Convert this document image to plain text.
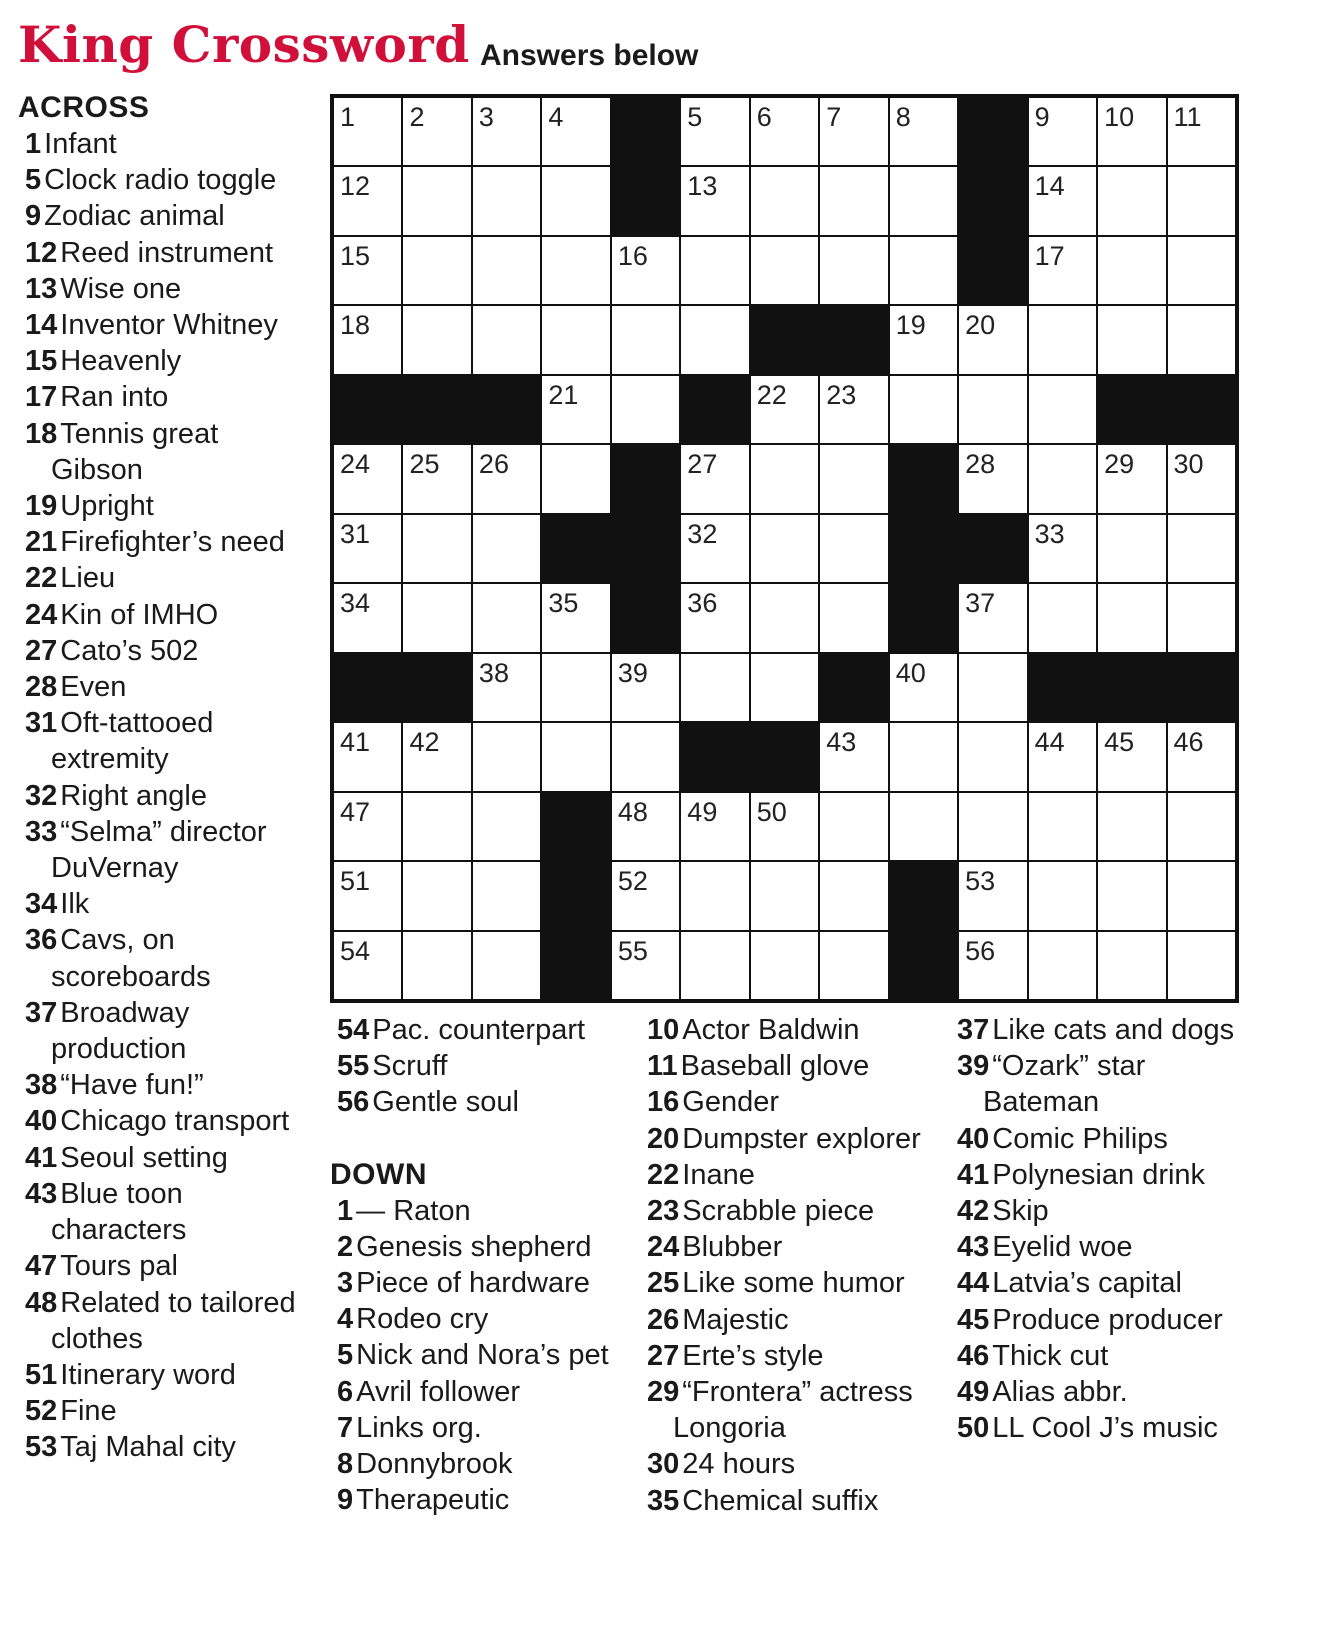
King Crossword Answers below
1 2 3 4	5 6 7 8	9 10 11
12	13	14
15	16	17
18	19 20
21	22 23
24 25 26	27	28	29 30
31	32	33
34	35	36	37
38	39	40
41 42	43	44 45 46
47	48 49 50
51	52	53
54	55	56
ACROSS
1 Infant
5 Clock radio toggle
9 Zodiac animal
12 Reed instrument
13 Wise one
14 Inventor Whitney
15 Heavenly
17 Ran into
18 Tennis great Gibson
19 Upright
21 Firefighter’s need
22 Lieu
24 Kin of IMHO
27 Cato’s 502
28 Even
31 Oft-tattooed extremity
32 Right angle
33 “Selma” director DuVernay
34 Ilk
36 Cavs, on scoreboards
37 Broadway production
38 “Have fun!”
40 Chicago transport
41 Seoul setting
43 Blue toon characters
47 Tours pal
48 Related to tailored clothes
51 Itinerary word
52 Fine
53 Taj Mahal city
54 Pac. counterpart
55 Scruff
56 Gentle soul
DOWN
1 — Raton
2 Genesis shepherd
3 Piece of hardware
4 Rodeo cry
5 Nick and Nora’s pet
6 Avril follower
7 Links org.
8 Donnybrook
9 Therapeutic
10 Actor Baldwin
11 Baseball glove
16 Gender
20 Dumpster explorer
22 Inane
23 Scrabble piece
24 Blubber
25 Like some humor
26 Majestic
27 Erte’s style
29 “Frontera” actress Longoria
30 24 hours
35 Chemical suffix
37 Like cats and dogs
39 “Ozark” star Bateman
40 Comic Philips
41 Polynesian drink
42 Skip
43 Eyelid woe
44 Latvia’s capital
45 Produce producer
46 Thick cut
49 Alias abbr.
50 LL Cool J’s music
